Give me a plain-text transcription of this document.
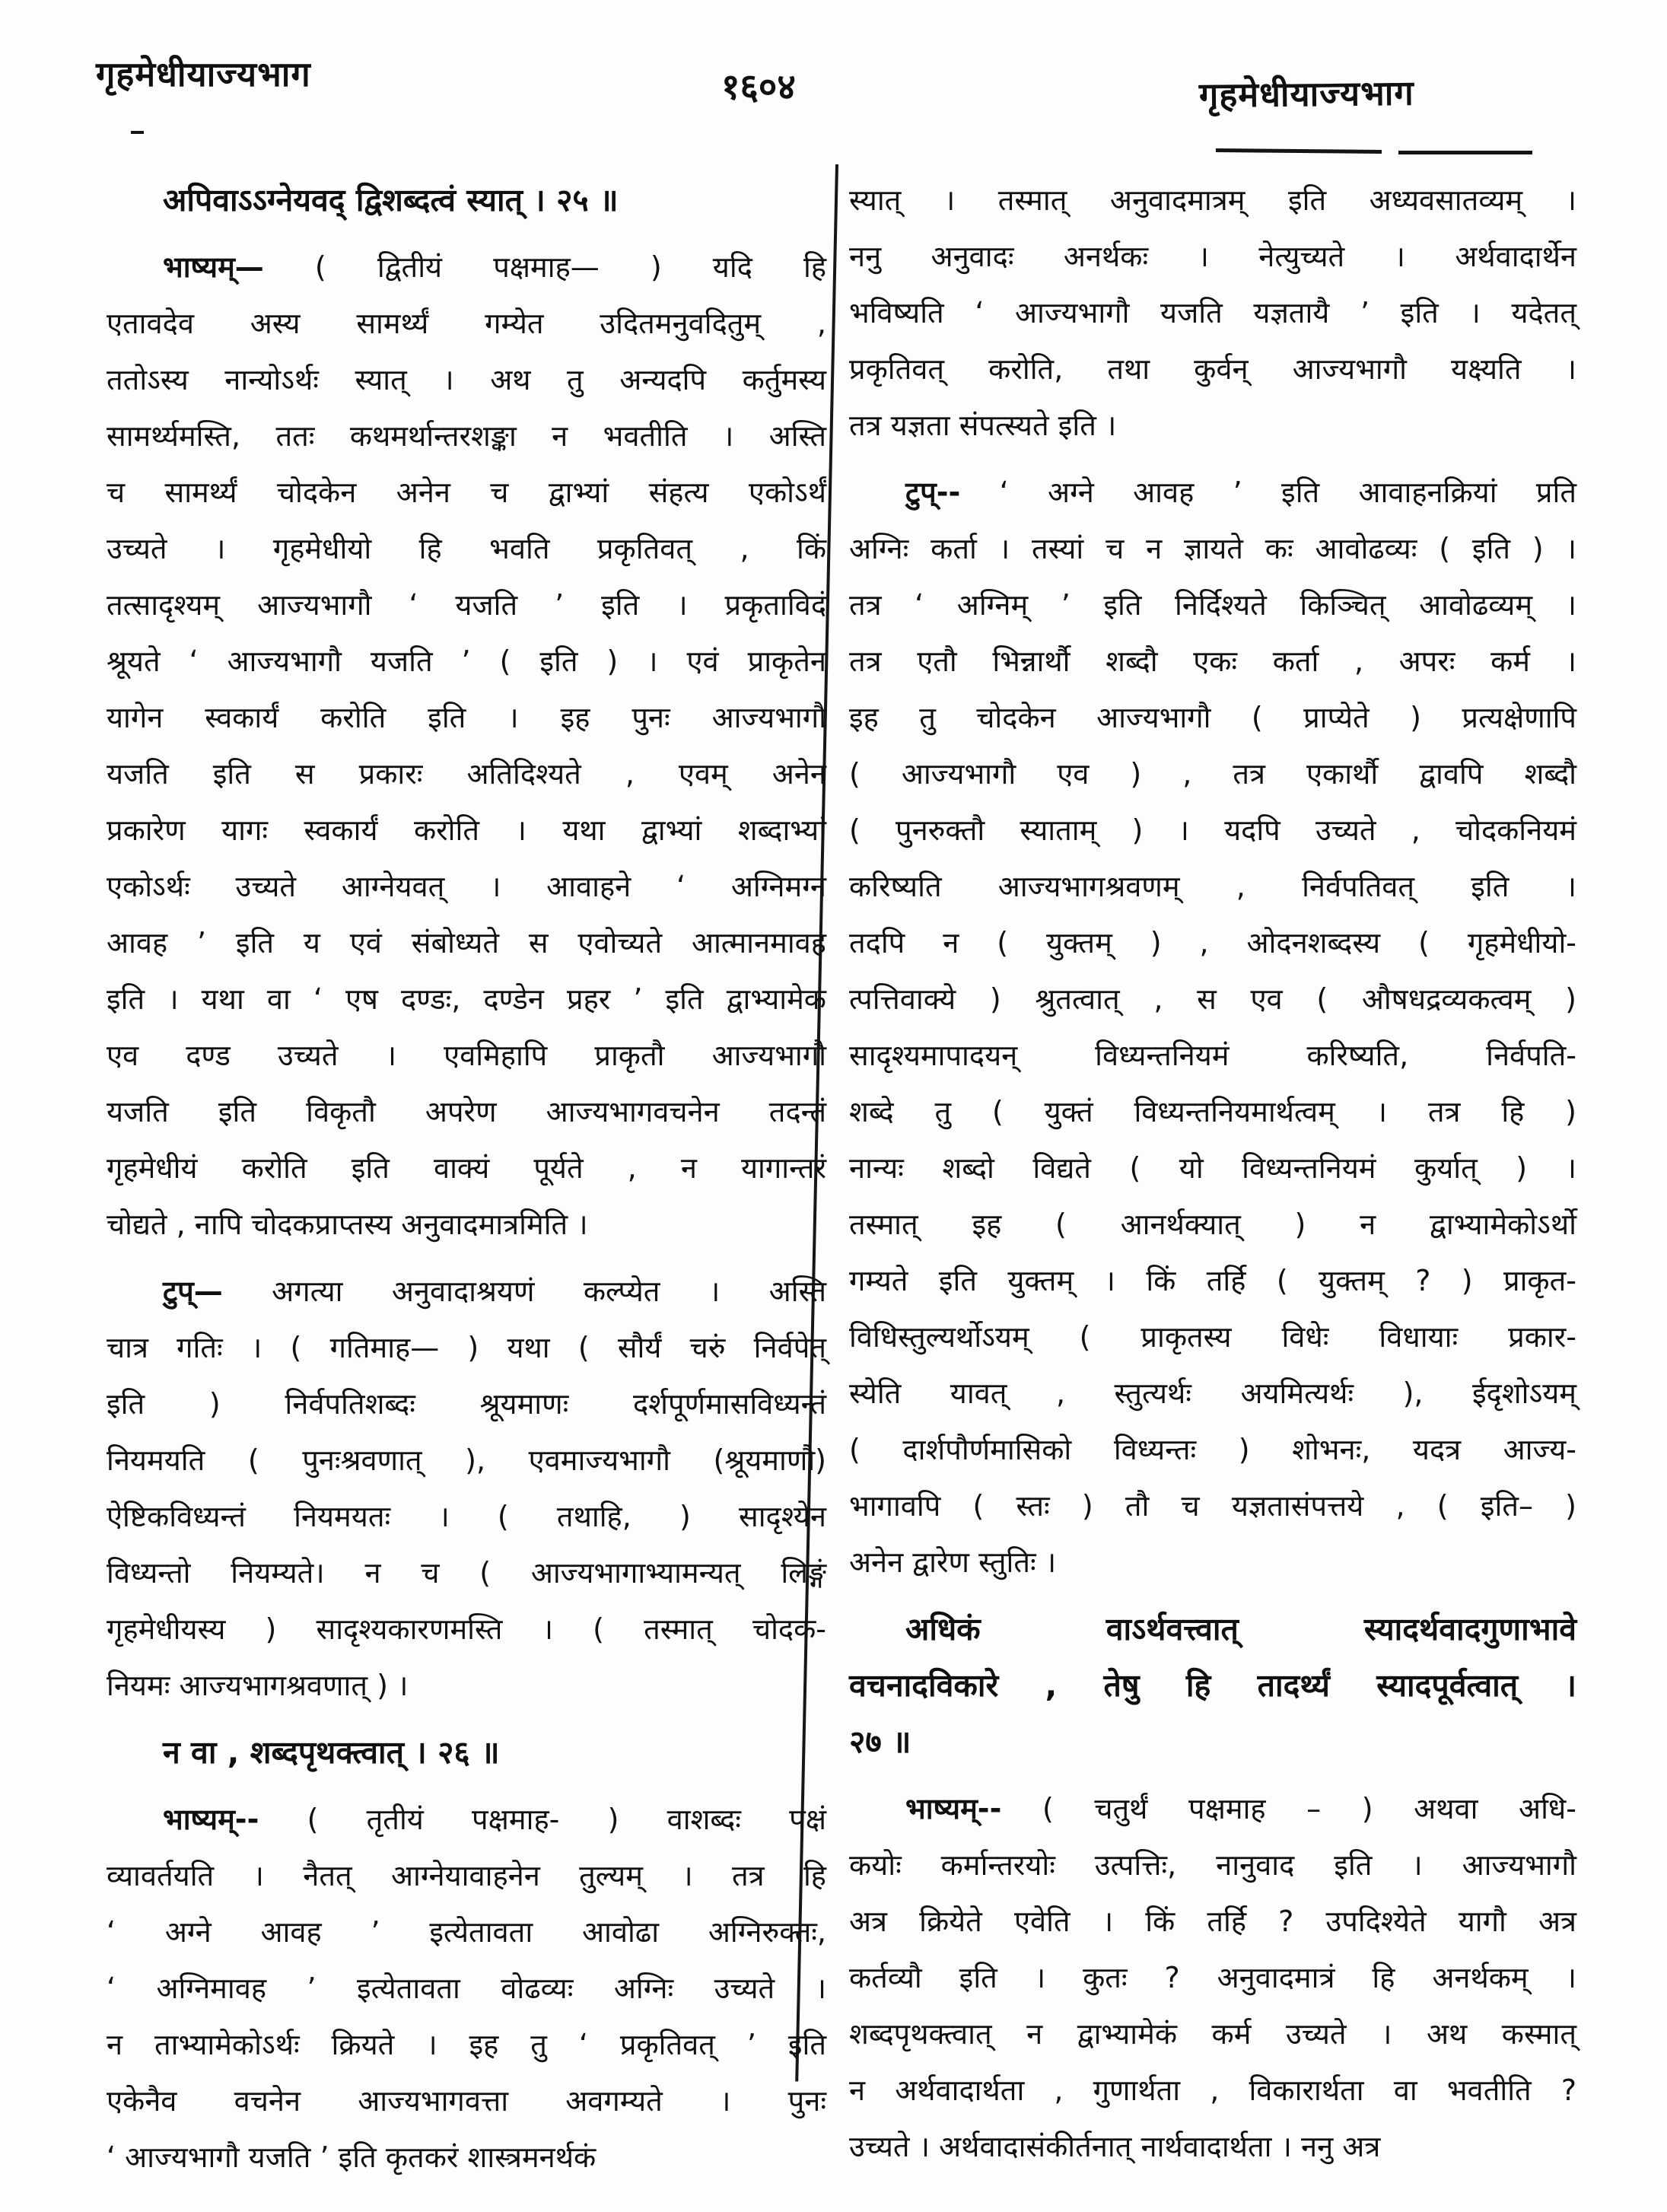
गृहमेधीयाज्यभाग	१६०४	गृहमेधीयाज्यभाग
अपिवाऽऽग्नेयवद् द्विशब्दत्वं स्यात् । २५ ॥
भाष्यम्— ( द्वितीयं पक्षमाह— ) यदि हि
एतावदेव अस्य सामर्थ्यं गम्येत उदितमनुवदितुम् ,
ततोऽस्य नान्योऽर्थः स्यात् । अथ तु अन्यदपि कर्तुमस्य
सामर्थ्यमस्ति, ततः कथमर्थान्तरशङ्का न भवतीति । अस्ति
च सामर्थ्यं चोदकेन अनेन च द्वाभ्यां संहत्य एकोऽर्थं
उच्यते । गृहमेधीयो हि भवति प्रकृतिवत् , किं
तत्सादृश्यम् आज्यभागौ ‘ यजति ’ इति । प्रकृताविदं
श्रूयते ‘ आज्यभागौ यजति ’ ( इति ) । एवं प्राकृतेन
यागेन स्वकार्यं करोति इति । इह पुनः आज्यभागौ
यजति इति स प्रकारः अतिदिश्यते , एवम् अनेन
प्रकारेण यागः स्वकार्यं करोति । यथा द्वाभ्यां शब्दाभ्यां
एकोऽर्थः उच्यते आग्नेयवत् । आवाहने ‘ अग्निमग्न
आवह ’ इति य एवं संबोध्यते स एवोच्यते आत्मानमावह
इति । यथा वा ‘ एष दण्डः, दण्डेन प्रहर ’ इति द्वाभ्यामेक
एव दण्ड उच्यते । एवमिहापि प्राकृतौ आज्यभागौ
यजति इति विकृतौ अपरेण आज्यभागवचनेन तदन्तं
गृहमेधीयं करोति इति वाक्यं पूर्यते , न यागान्तरं
चोद्यते , नापि चोदकप्राप्तस्य अनुवादमात्रमिति ।
टुप्— अगत्या अनुवादाश्रयणं कल्प्येत । अस्ति
चात्र गतिः । ( गतिमाह— ) यथा ( सौर्यं चरुं निर्वपेत्
इति ) निर्वपतिशब्दः श्रूयमाणः दर्शपूर्णमासविध्यन्तं
नियमयति ( पुनःश्रवणात् ), एवमाज्यभागौ (श्रूयमाणौ)
ऐष्टिकविध्यन्तं नियमयतः । ( तथाहि, ) सादृश्येन
विध्यन्तो नियम्यते। न च ( आज्यभागाभ्यामन्यत् लिङ्गं
गृहमेधीयस्य ) सादृश्यकारणमस्ति । ( तस्मात् चोदक-
नियमः आज्यभागश्रवणात् ) ।
न वा , शब्दपृथक्त्वात् । २६ ॥
भाष्यम्-- ( तृतीयं पक्षमाह- ) वाशब्दः पक्षं
व्यावर्तयति । नैतत् आग्नेयावाहनेन तुल्यम् । तत्र हि
‘ अग्ने आवह ’ इत्येतावता आवोढा अग्निरुक्तः,
‘ अग्निमावह ’ इत्येतावता वोढव्यः अग्निः उच्यते ।
न ताभ्यामेकोऽर्थः क्रियते । इह तु ‘ प्रकृतिवत् ’ इति
एकेनैव वचनेन आज्यभागवत्ता अवगम्यते । पुनः
‘ आज्यभागौ यजति ’ इति कृतकरं शास्त्रमनर्थकं
स्यात् । तस्मात् अनुवादमात्रम् इति अध्यवसातव्यम् ।
ननु अनुवादः अनर्थकः । नेत्युच्यते । अर्थवादार्थेन
भविष्यति ‘ आज्यभागौ यजति यज्ञतायै ’ इति । यदेतत्
प्रकृतिवत् करोति, तथा कुर्वन् आज्यभागौ यक्ष्यति ।
तत्र यज्ञता संपत्स्यते इति ।
टुप्-- ‘ अग्ने आवह ’ इति आवाहनक्रियां प्रति
अग्निः कर्ता । तस्यां च न ज्ञायते कः आवोढव्यः ( इति ) ।
तत्र ‘ अग्निम् ’ इति निर्दिश्यते किञ्चित् आवोढव्यम् ।
तत्र एतौ भिन्नार्थौ शब्दौ एकः कर्ता , अपरः कर्म ।
इह तु चोदकेन आज्यभागौ ( प्राप्येते ) प्रत्यक्षेणापि
( आज्यभागौ एव ) , तत्र एकार्थौ द्वावपि शब्दौ
( पुनरुक्तौ स्याताम् ) । यदपि उच्यते , चोदकनियमं
करिष्यति आज्यभागश्रवणम् , निर्वपतिवत् इति ।
तदपि न ( युक्तम् ) , ओदनशब्दस्य ( गृहमेधीयो-
त्पत्तिवाक्ये ) श्रुतत्वात् , स एव ( औषधद्रव्यकत्वम् )
सादृश्यमापादयन् विध्यन्तनियमं करिष्यति, निर्वपति-
शब्दे तु ( युक्तं विध्यन्तनियमार्थत्वम् । तत्र हि )
नान्यः शब्दो विद्यते ( यो विध्यन्तनियमं कुर्यात् ) ।
तस्मात् इह ( आनर्थक्यात् ) न द्वाभ्यामेकोऽर्थो
गम्यते इति युक्तम् । किं तर्हि ( युक्तम् ? ) प्राकृत-
विधिस्तुल्यर्थोऽयम् ( प्राकृतस्य विधेः विधायाः प्रकार-
स्येति यावत् , स्तुत्यर्थः अयमित्यर्थः ), ईदृशोऽयम्
( दार्शपौर्णमासिको विध्यन्तः ) शोभनः, यदत्र आज्य-
भागावपि ( स्तः ) तौ च यज्ञतासंपत्तये , ( इति– )
अनेन द्वारेण स्तुतिः ।
अधिकं वाऽर्थवत्त्वात् स्यादर्थवादगुणाभावे
वचनादविकारे , तेषु हि तादर्थ्यं स्यादपूर्वत्वात् ।
२७ ॥
भाष्यम्-- ( चतुर्थं पक्षमाह – ) अथवा अधि-
कयोः कर्मान्तरयोः उत्पत्तिः, नानुवाद इति । आज्यभागौ
अत्र क्रियेते एवेति । किं तर्हि ? उपदिश्येते यागौ अत्र
कर्तव्यौ इति । कुतः ? अनुवादमात्रं हि अनर्थकम् ।
शब्दपृथक्त्वात् न द्वाभ्यामेकं कर्म उच्यते । अथ कस्मात्
न अर्थवादार्थता , गुणार्थता , विकारार्थता वा भवतीति ?
उच्यते । अर्थवादासंकीर्तनात् नार्थवादार्थता । ननु अत्र
